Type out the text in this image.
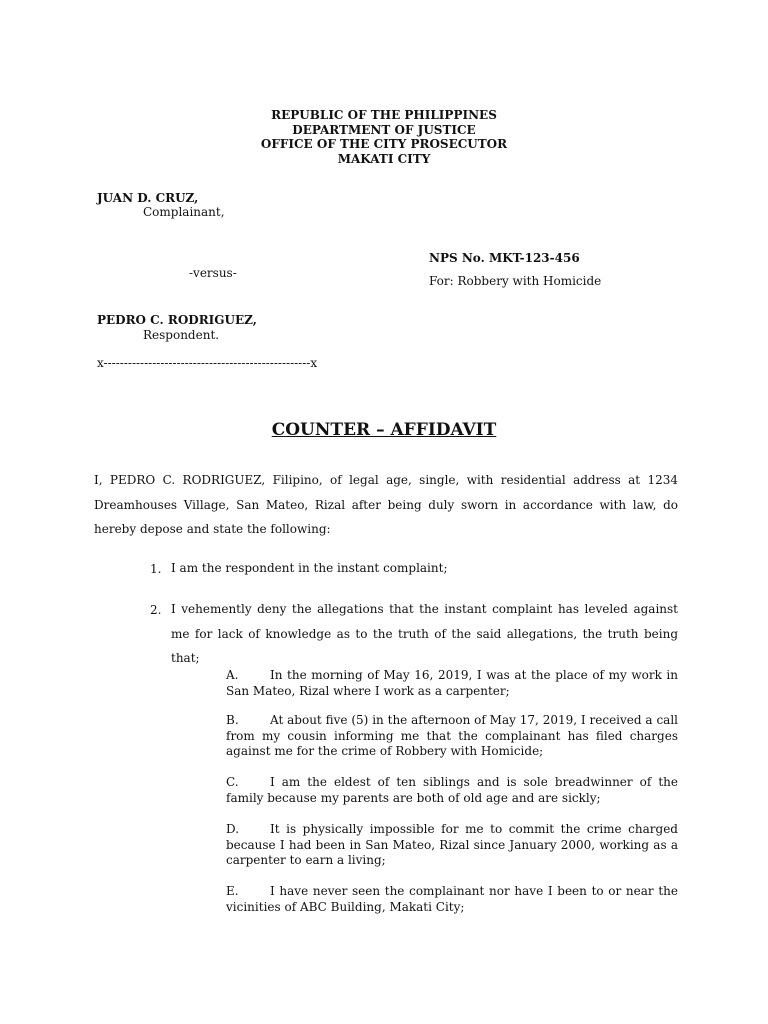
REPUBLIC OF THE PHILIPPINES
DEPARTMENT OF JUSTICE
OFFICE OF THE CITY PROSECUTOR
MAKATI CITY
JUAN D. CRUZ,
Complainant,
NPS No. MKT-123-456
-versus-
For: Robbery with Homicide
PEDRO C. RODRIGUEZ,
Respondent.
x---------------------------------------------------x
COUNTER – AFFIDAVIT
I, PEDRO C. RODRIGUEZ, Filipino, of legal age, single, with residential address at 1234 Dreamhouses Village, San Mateo, Rizal after being duly sworn in accordance with law, do hereby depose and state the following:
1. I am the respondent in the instant complaint;
2. I vehemently deny the allegations that the instant complaint has leveled against me for lack of knowledge as to the truth of the said allegations, the truth being that;
A.	In the morning of May 16, 2019, I was at the place of my work in San Mateo, Rizal where I work as a carpenter;
B.	At about five (5) in the afternoon of May 17, 2019, I received a call from my cousin informing me that the complainant has filed charges against me for the crime of Robbery with Homicide;
C.	I am the eldest of ten siblings and is sole breadwinner of the family because my parents are both of old age and are sickly;
D.	It is physically impossible for me to commit the crime charged because I had been in San Mateo, Rizal since January 2000, working as a carpenter to earn a living;
E.	I have never seen the complainant nor have I been to or near the vicinities of ABC Building, Makati City;
